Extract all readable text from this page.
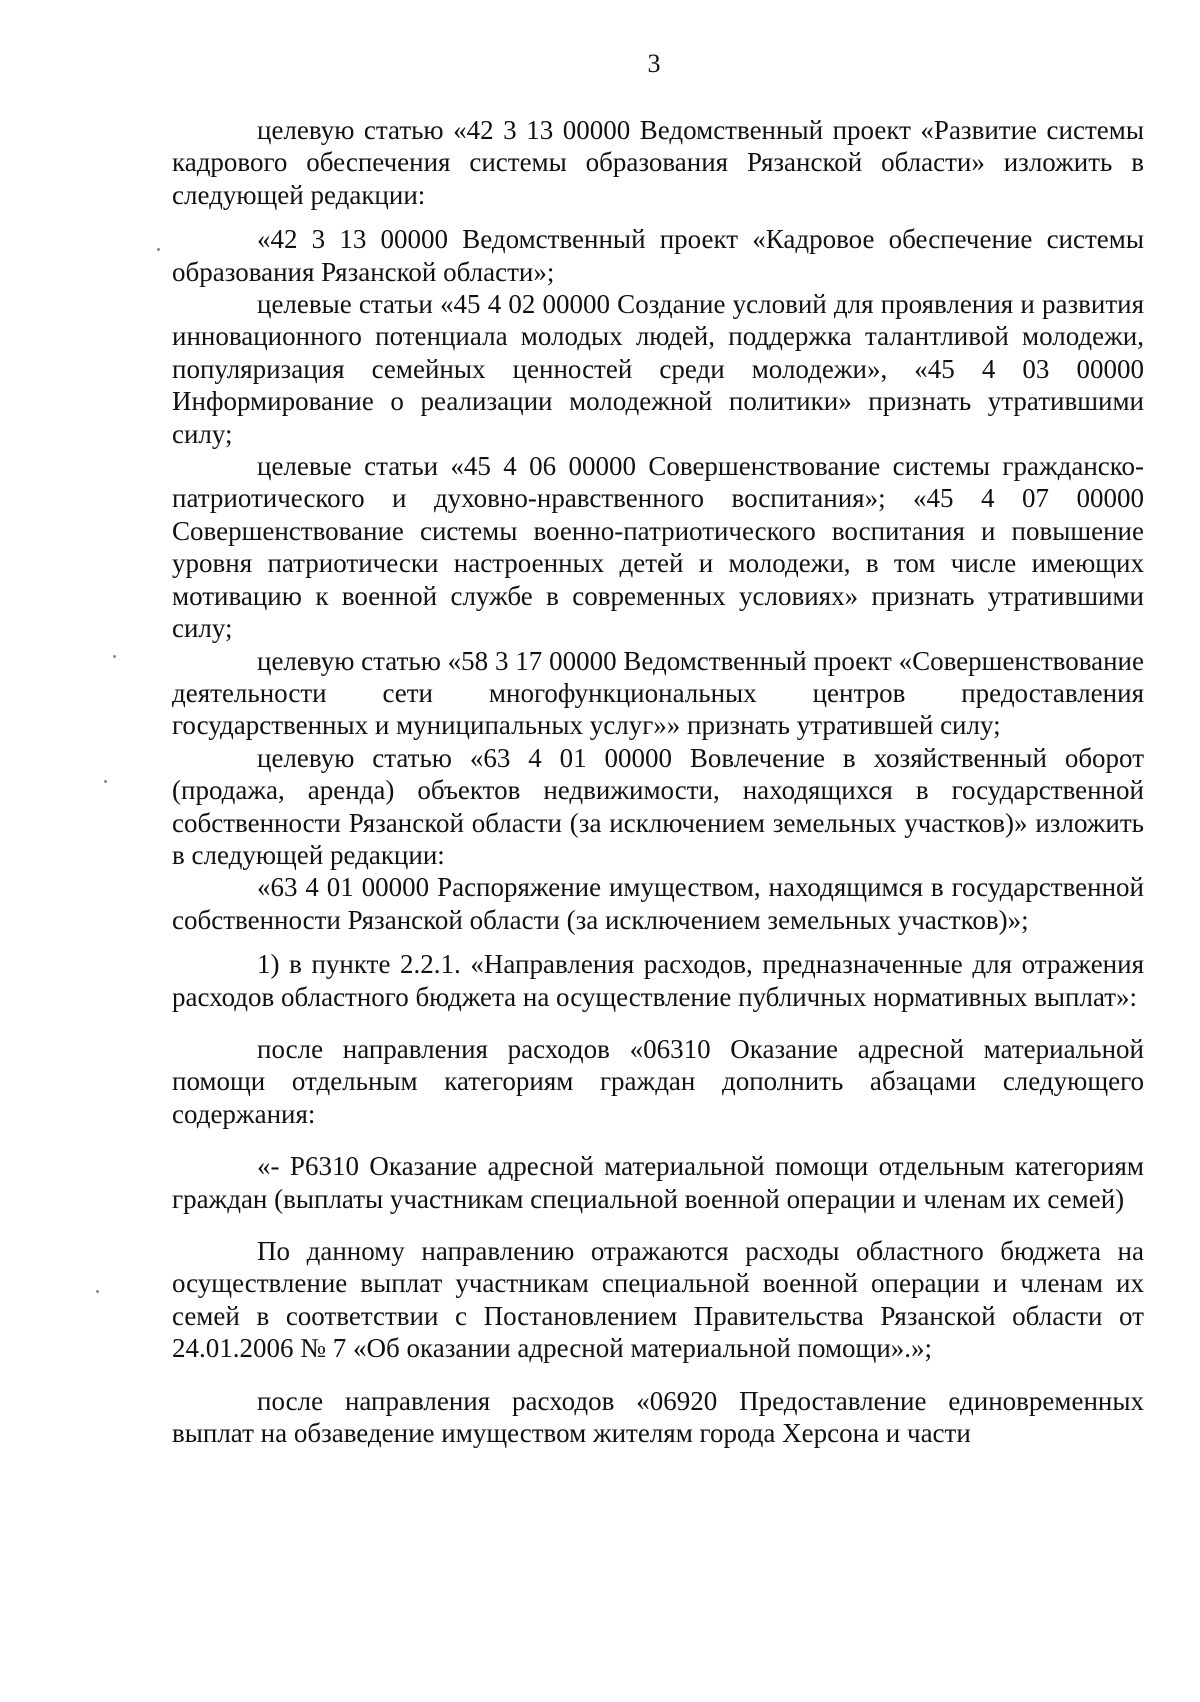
3

целевую статью «42 3 13 00000 Ведомственный проект «Развитие системы кадрового обеспечения системы образования Рязанской области» изложить в следующей редакции:

«42 3 13 00000 Ведомственный проект «Кадровое обеспечение системы образования Рязанской области»;

целевые статьи «45 4 02 00000 Создание условий для проявления и развития инновационного потенциала молодых людей, поддержка талантливой молодежи, популяризация семейных ценностей среди молодежи», «45 4 03 00000 Информирование о реализации молодежной политики» признать утратившими силу;

целевые статьи «45 4 06 00000 Совершенствование системы гражданско-патриотического и духовно-нравственного воспитания»; «45 4 07 00000 Совершенствование системы военно-патриотического воспитания и повышение уровня патриотически настроенных детей и молодежи, в том числе имеющих мотивацию к военной службе в современных условиях» признать утратившими силу;

целевую статью «58 3 17 00000 Ведомственный проект «Совершенствование деятельности сети многофункциональных центров предоставления государственных и муниципальных услуг»» признать утратившей силу;

целевую статью «63 4 01 00000 Вовлечение в хозяйственный оборот (продажа, аренда) объектов недвижимости, находящихся в государственной собственности Рязанской области (за исключением земельных участков)» изложить в следующей редакции:

«63 4 01 00000 Распоряжение имуществом, находящимся в государственной собственности Рязанской области (за исключением земельных участков)»;

1) в пункте 2.2.1. «Направления расходов, предназначенные для отражения расходов областного бюджета на осуществление публичных нормативных выплат»:

после направления расходов «06310 Оказание адресной материальной помощи отдельным категориям граждан дополнить абзацами следующего содержания:

«- P6310 Оказание адресной материальной помощи отдельным категориям граждан (выплаты участникам специальной военной операции и членам их семей)

По данному направлению отражаются расходы областного бюджета на осуществление выплат участникам специальной военной операции и членам их семей в соответствии с Постановлением Правительства Рязанской области от 24.01.2006 № 7 «Об оказании адресной материальной помощи».»;

после направления расходов «06920 Предоставление единовременных выплат на обзаведение имуществом жителям города Херсона и части
